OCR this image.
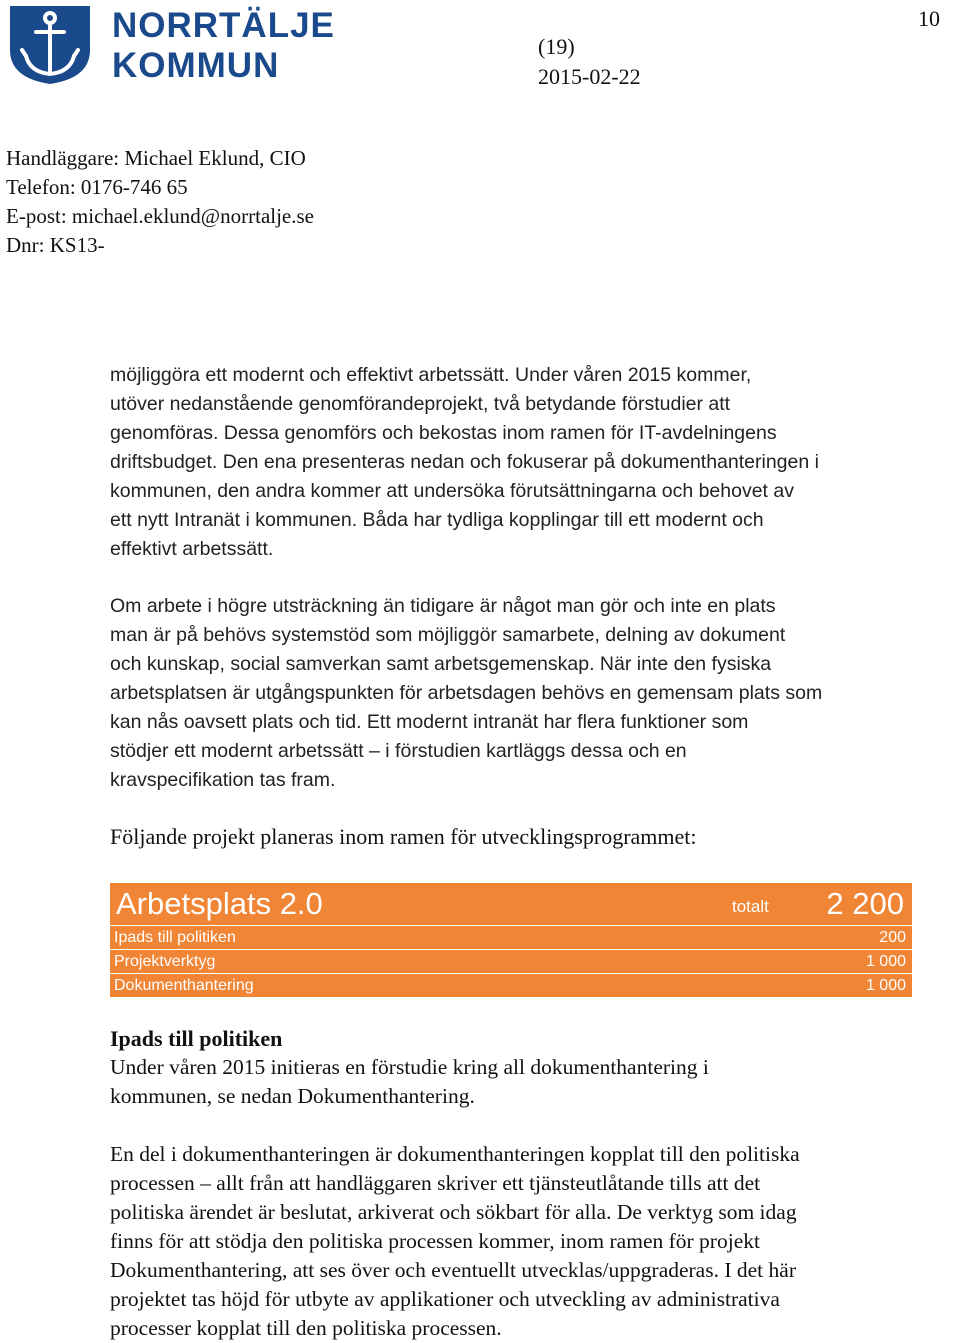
10
NORRTÄLJE
KOMMUN	(19)
2015-02-22
Handläggare: Michael Eklund, CIO
Telefon: 0176-746 65
E-post: michael.eklund@norrtalje.se
Dnr: KS13-
möjliggöra ett modernt och effektivt arbetssätt. Under våren 2015 kommer,
utöver nedanstående genomförandeprojekt, två betydande förstudier att
genomföras. Dessa genomförs och bekostas inom ramen för IT-avdelningens
driftsbudget. Den ena presenteras nedan och fokuserar på dokumenthanteringen i
kommunen, den andra kommer att undersöka förutsättningarna och behovet av
ett nytt Intranät i kommunen. Båda har tydliga kopplingar till ett modernt och
effektivt arbetssätt.
Om arbete i högre utsträckning än tidigare är något man gör och inte en plats
man är på behövs systemstöd som möjliggör samarbete, delning av dokument
och kunskap, social samverkan samt arbetsgemenskap. När inte den fysiska
arbetsplatsen är utgångspunkten för arbetsdagen behövs en gemensam plats som
kan nås oavsett plats och tid. Ett modernt intranät har flera funktioner som
stödjer ett modernt arbetssätt – i förstudien kartläggs dessa och en
kravspecifikation tas fram.
Följande projekt planeras inom ramen för utvecklingsprogrammet:
Arbetsplats 2.0	totalt 2 200
Ipads till politiken	200
Projektverktyg	1 000
Dokumenthantering	1 000
Ipads till politiken
Under våren 2015 initieras en förstudie kring all dokumenthantering i
kommunen, se nedan Dokumenthantering.
En del i dokumenthanteringen är dokumenthanteringen kopplat till den politiska
processen – allt från att handläggaren skriver ett tjänsteutlåtande tills att det
politiska ärendet är beslutat, arkiverat och sökbart för alla. De verktyg som idag
finns för att stödja den politiska processen kommer, inom ramen för projekt
Dokumenthantering, att ses över och eventuellt utvecklas/uppgraderas. I det här
projektet tas höjd för utbyte av applikationer och utveckling av administrativa
processer kopplat till den politiska processen.
